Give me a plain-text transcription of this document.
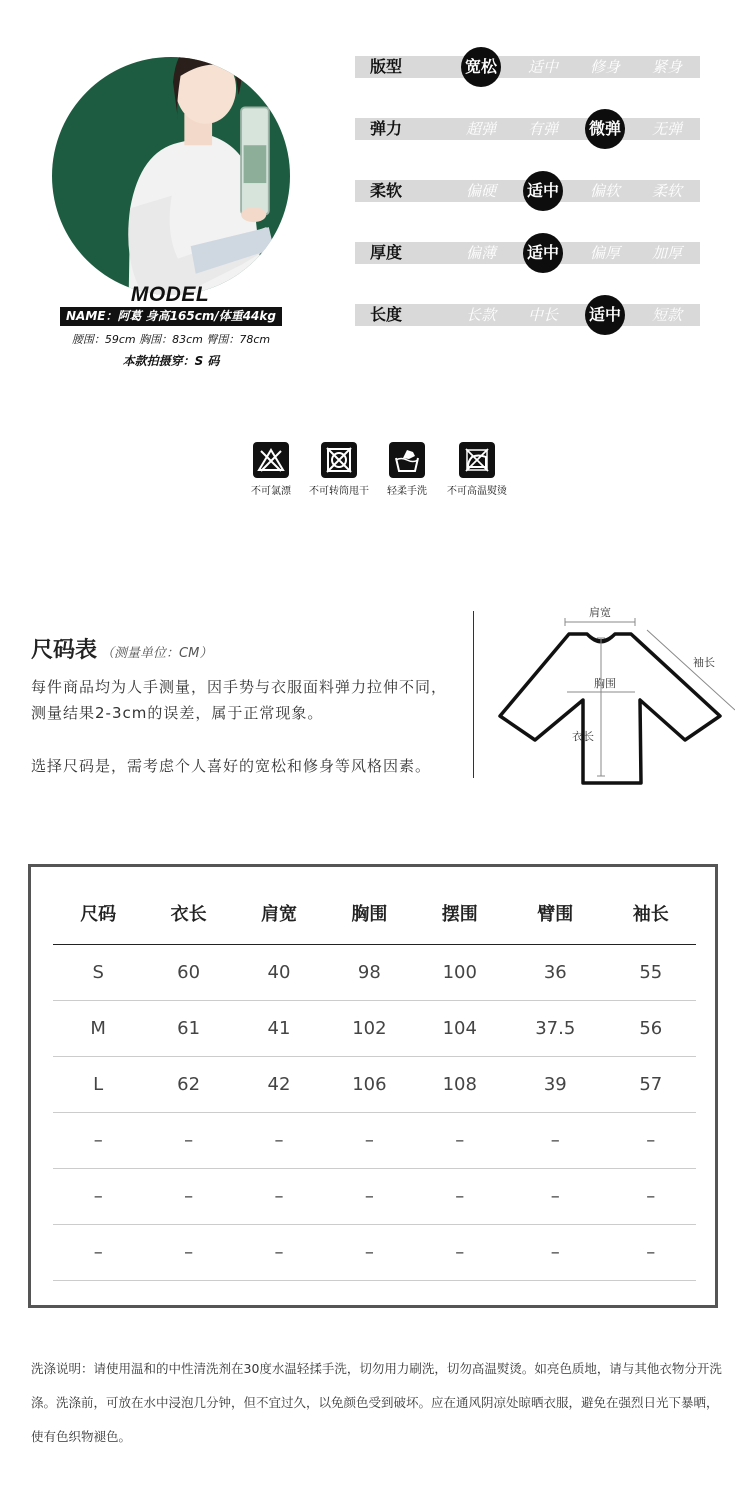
MODEL
NAME：阿葛 身高165cm/体重44kg
腰围：59cm 胸围：83cm 臀围：78cm
本款拍摄穿：S 码
版型	宽松	适中	修身	紧身
弹力	超弹	有弹	微弹	无弹
柔软	偏硬	适中	偏软	柔软
厚度	偏薄	适中	偏厚	加厚
长度	长款	中长	适中	短款
不可氯漂	不可转筒甩干	轻柔手洗	不可高温熨烫
尺码表 （测量单位：CM）
每件商品均为人手测量，因手势与衣服面料弹力拉伸不同，测量结果2-3cm的误差，属于正常现象。
选择尺码是，需考虑个人喜好的宽松和修身等风格因素。
肩宽
袖长
胸围
衣长
尺码	衣长	肩宽	胸围	摆围	臂围	袖长
S	60	40	98	100	36	55
M	61	41	102	104	37.5	56
L	62	42	106	108	39	57
–	–	–	–	–	–	–
–	–	–	–	–	–	–
–	–	–	–	–	–	–
洗涤说明：请使用温和的中性清洗剂在30度水温轻揉手洗，切勿用力刷洗，切勿高温熨烫。如亮色质地，请与其他衣物分开洗涤。洗涤前，可放在水中浸泡几分钟，但不宜过久，以免颜色受到破坏。应在通风阴凉处晾晒衣服，避免在强烈日光下暴晒，使有色织物褪色。
